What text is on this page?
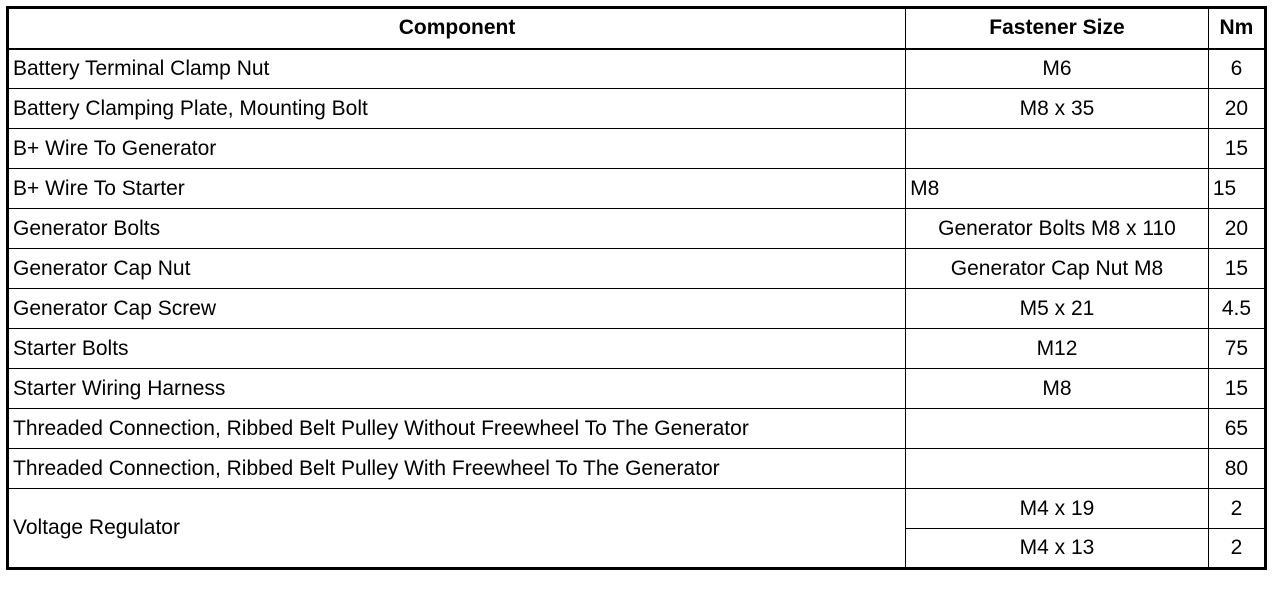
Component	Fastener Size	Nm
Battery Terminal Clamp Nut	M6	6
Battery Clamping Plate, Mounting Bolt	M8 x 35	20
B+ Wire To Generator		15
B+ Wire To Starter	M8	15
Generator Bolts	Generator Bolts M8 x 110	20
Generator Cap Nut	Generator Cap Nut M8	15
Generator Cap Screw	M5 x 21	4.5
Starter Bolts	M12	75
Starter Wiring Harness	M8	15
Threaded Connection, Ribbed Belt Pulley Without Freewheel To The Generator		65
Threaded Connection, Ribbed Belt Pulley With Freewheel To The Generator		80
Voltage Regulator	M4 x 19	2
	M4 x 13	2
